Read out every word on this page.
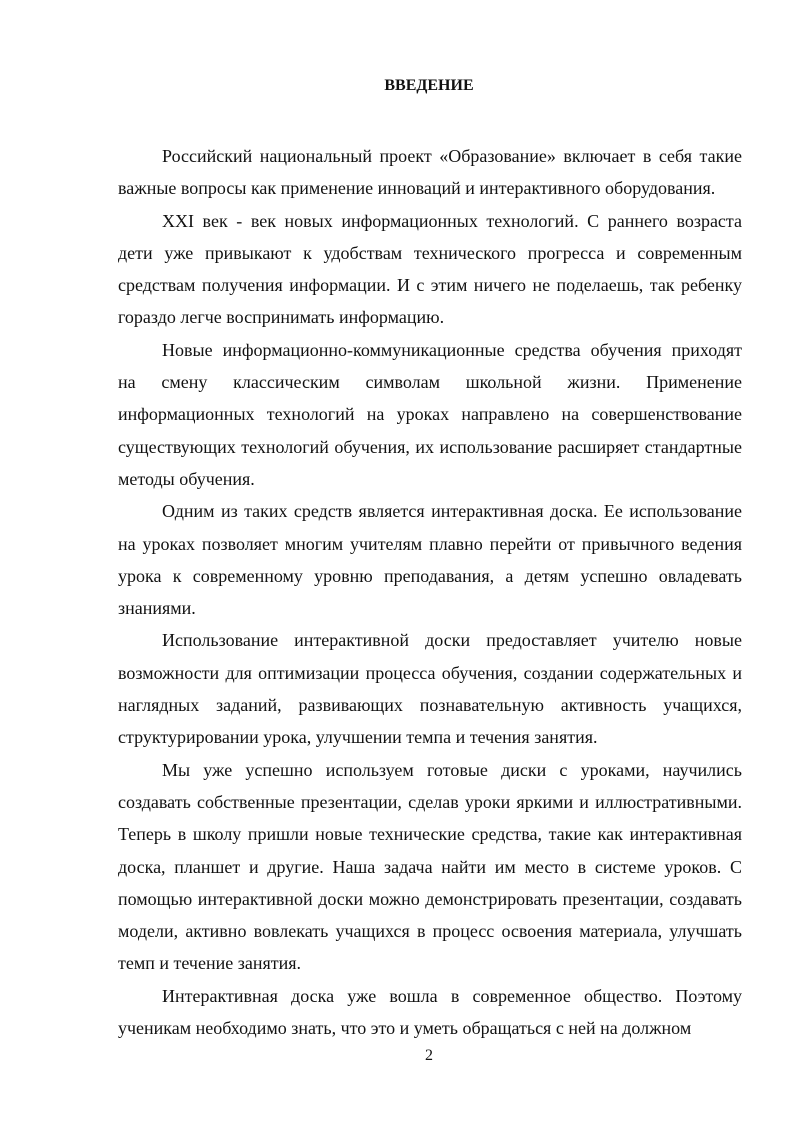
ВВЕДЕНИЕ

Российский национальный проект «Образование» включает в себя такие важные вопросы как применение инноваций и интерактивного оборудования.

XXI век - век новых информационных технологий. С раннего возраста дети уже привыкают к удобствам технического прогресса и современным средствам получения информации. И с этим ничего не поделаешь, так ребенку гораздо легче воспринимать информацию.

Новые информационно-коммуникационные средства обучения приходят на смену классическим символам школьной жизни. Применение информационных технологий на уроках направлено на совершенствование существующих технологий обучения, их использование расширяет стандартные методы обучения.

Одним из таких средств является интерактивная доска. Ее использование на уроках позволяет многим учителям плавно перейти от привычного ведения урока к современному уровню преподавания, а детям успешно овладевать знаниями.

Использование интерактивной доски предоставляет учителю новые возможности для оптимизации процесса обучения, создании содержательных и наглядных заданий, развивающих познавательную активность учащихся, структурировании урока, улучшении темпа и течения занятия.

Мы уже успешно используем готовые диски с уроками, научились создавать собственные презентации, сделав уроки яркими и иллюстративными. Теперь в школу пришли новые технические средства, такие как интерактивная доска, планшет и другие. Наша задача найти им место в системе уроков. С помощью интерактивной доски можно демонстрировать презентации, создавать модели, активно вовлекать учащихся в процесс освоения материала, улучшать темп и течение занятия.

Интерактивная доска уже вошла в современное общество. Поэтому ученикам необходимо знать, что это и уметь обращаться с ней на должном

2
